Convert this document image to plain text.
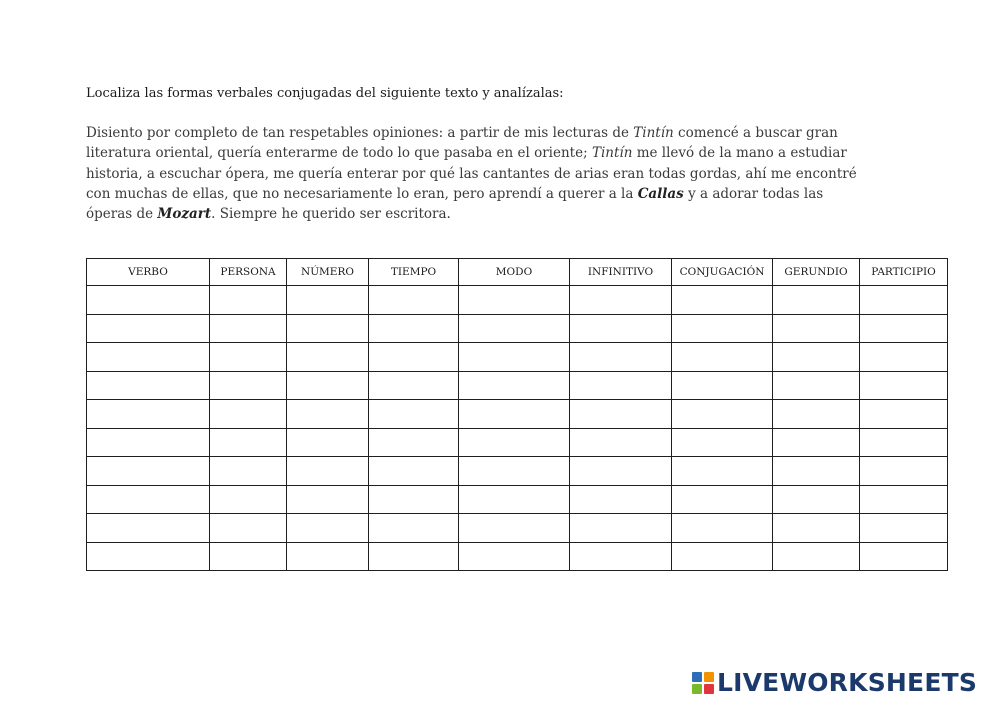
Localiza las formas verbales conjugadas del siguiente texto y analízalas:

Disiento por completo de tan respetables opiniones: a partir de mis lecturas de Tintín comencé a buscar gran
literatura oriental, quería enterarme de todo lo que pasaba en el oriente; Tintín me llevó de la mano a estudiar
historia, a escuchar ópera, me quería enterar por qué las cantantes de arias eran todas gordas, ahí me encontré
con muchas de ellas, que no necesariamente lo eran, pero aprendí a querer a la Callas y a adorar todas las
óperas de Mozart. Siempre he querido ser escritora.

VERBO	PERSONA	NÚMERO	TIEMPO	MODO	INFINITIVO	CONJUGACIÓN	GERUNDIO	PARTICIPIO

LIVEWORKSHEETS
